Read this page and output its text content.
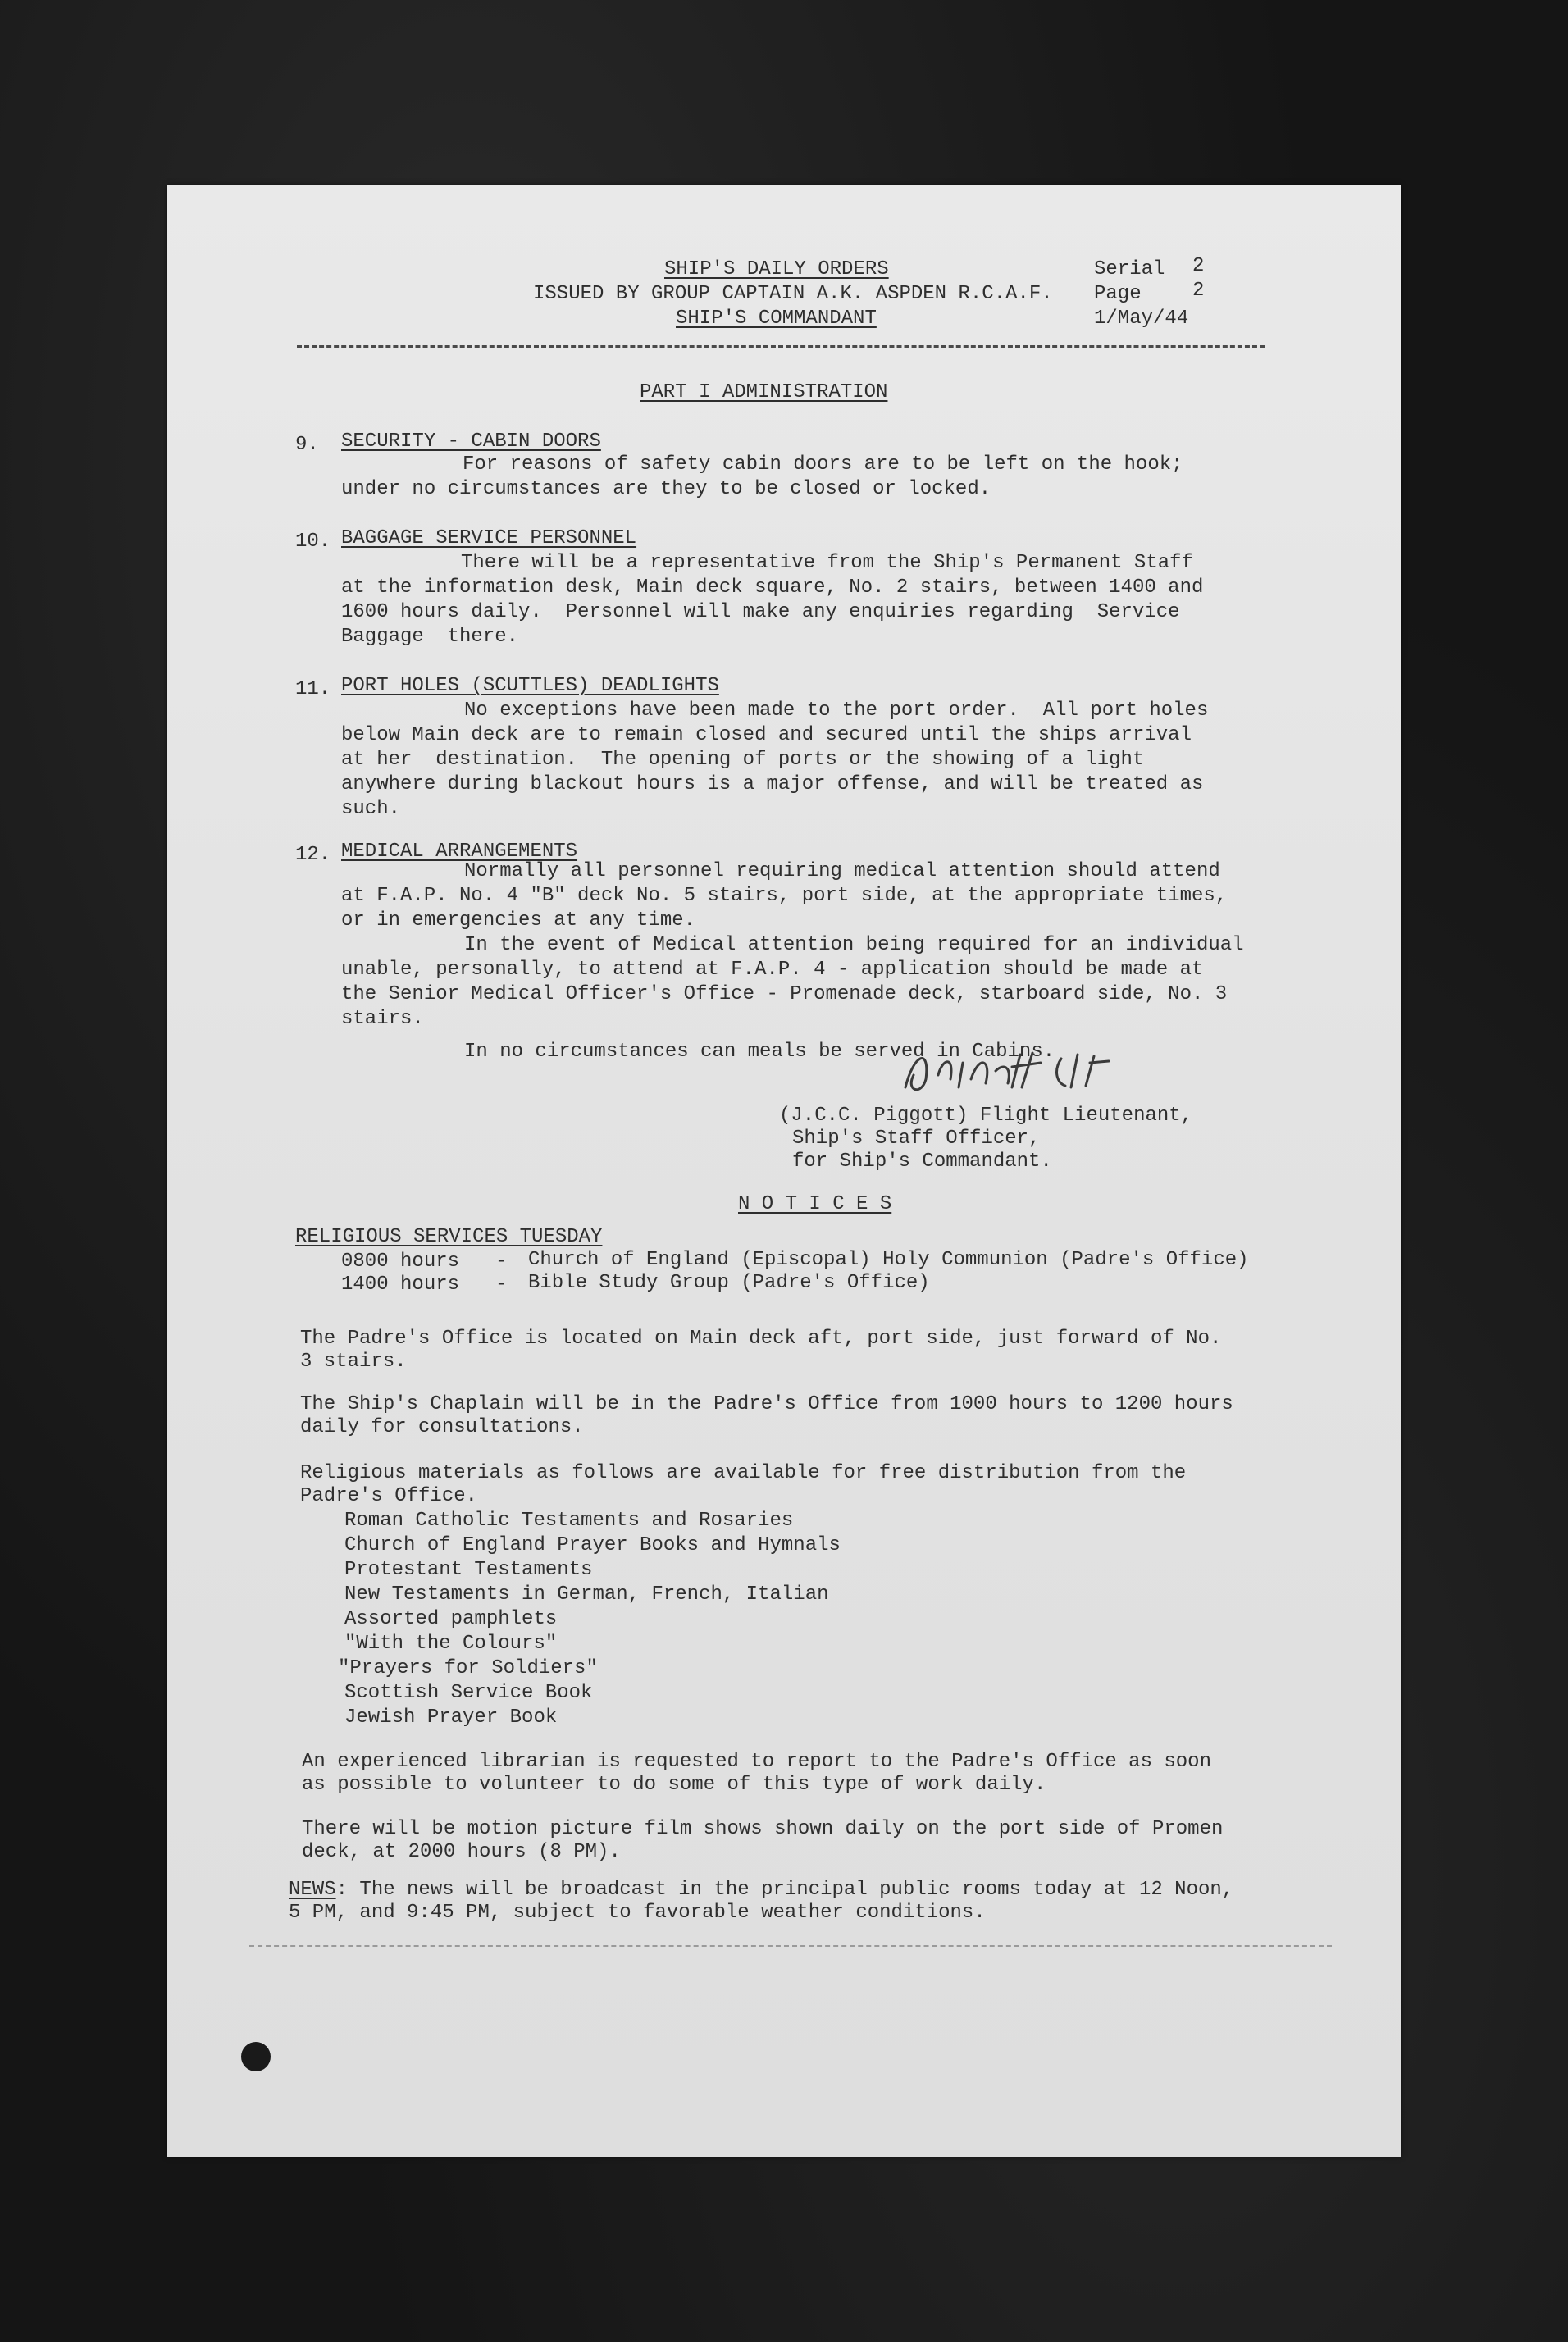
SHIP'S DAILY ORDERS
ISSUED BY GROUP CAPTAIN A.K. ASPDEN R.C.A.F.
SHIP'S COMMANDANT
Serial 2
Page	2
1/May/44
PART I ADMINISTRATION
9. SECURITY - CABIN DOORS
For reasons of safety cabin doors are to be left on the hook;
under no circumstances are they to be closed or locked.
10. BAGGAGE SERVICE PERSONNEL
There will be a representative from the Ship's Permanent Staff
at the information desk, Main deck square, No. 2 stairs, between 1400 and
1600 hours daily.  Personnel will make any enquiries regarding  Service
Baggage  there.
11. PORT HOLES (SCUTTLES) DEADLIGHTS
No exceptions have been made to the port order.  All port holes
below Main deck are to remain closed and secured until the ships arrival
at her  destination.  The opening of ports or the showing of a light
anywhere during blackout hours is a major offense, and will be treated as
such.
12. MEDICAL ARRANGEMENTS
Normally all personnel requiring medical attention should attend
at F.A.P. No. 4 "B" deck No. 5 stairs, port side, at the appropriate times,
or in emergencies at any time.
In the event of Medical attention being required for an individual
unable, personally, to attend at F.A.P. 4 - application should be made at
the Senior Medical Officer's Office - Promenade deck, starboard side, No. 3
stairs.
In no circumstances can meals be served in Cabins.
(J.C.C. Piggott) Flight Lieutenant,
Ship's Staff Officer,
for Ship's Commandant.
N O T I C E S
RELIGIOUS SERVICES TUESDAY
0800 hours - Church of England (Episcopal) Holy Communion (Padre's Office)
1400 hours - Bible Study Group (Padre's Office)
The Padre's Office is located on Main deck aft, port side, just forward of No.
3 stairs.
The Ship's Chaplain will be in the Padre's Office from 1000 hours to 1200 hours
daily for consultations.
Religious materials as follows are available for free distribution from the
Padre's Office.
Roman Catholic Testaments and Rosaries
Church of England Prayer Books and Hymnals
Protestant Testaments
New Testaments in German, French, Italian
Assorted pamphlets
"With the Colours"
"Prayers for Soldiers"
Scottish Service Book
Jewish Prayer Book
An experienced librarian is requested to report to the Padre's Office as soon
as possible to volunteer to do some of this type of work daily.
There will be motion picture film shows shown daily on the port side of Promen
deck, at 2000 hours (8 PM).
NEWS: The news will be broadcast in the principal public rooms today at 12 Noon,
5 PM, and 9:45 PM, subject to favorable weather conditions.
